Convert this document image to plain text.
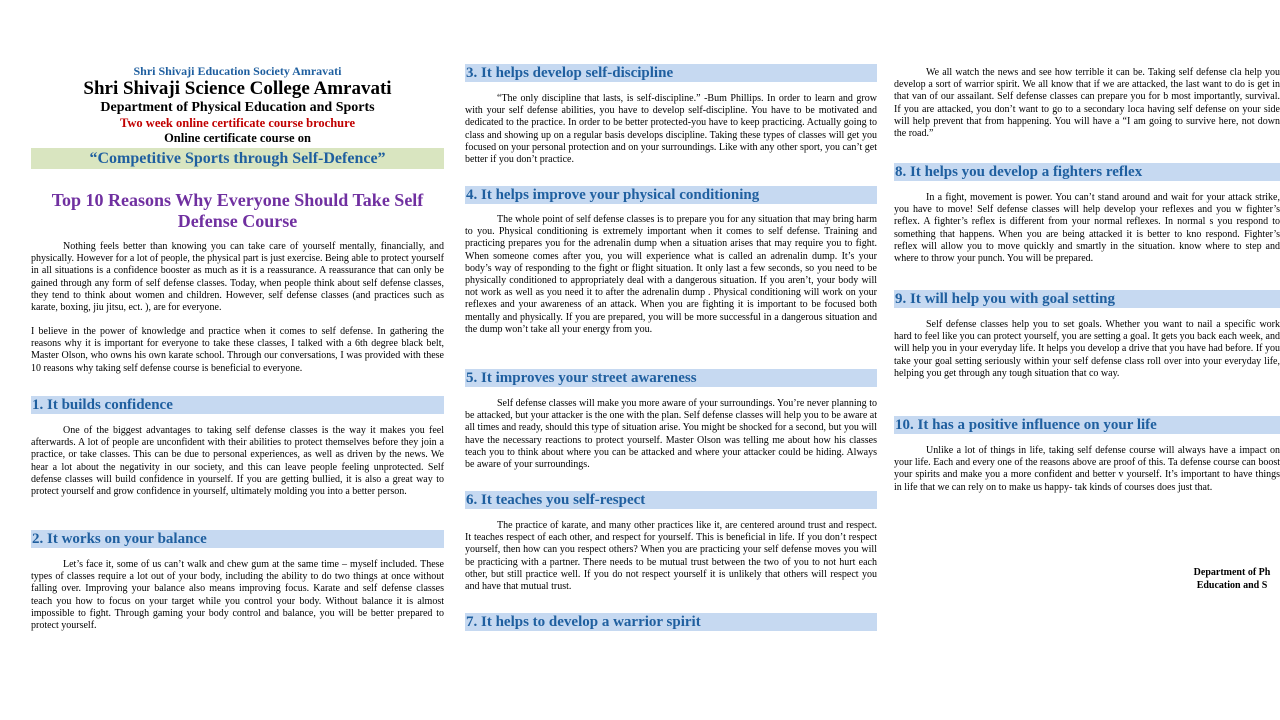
Shri Shivaji Education Society Amravati
Shri Shivaji Science College Amravati
Department of Physical Education and Sports
Two week online certificate course brochure
Online certificate course on
“Competitive Sports through Self-Defence”
Top 10 Reasons Why Everyone Should Take Self Defense Course

Nothing feels better than knowing you can take care of yourself mentally, financially, and physically. However for a lot of people, the physical part is just exercise. Being able to protect yourself in all situations is a confidence booster as much as it is a reassurance. A reassurance that can only be gained through any form of self defense classes. Today, when people think about self defense classes, they tend to think about women and children. However, self defense classes (and practices such as karate, boxing, jiu jitsu, ect. ), are for everyone.

I believe in the power of knowledge and practice when it comes to self defense. In gathering the reasons why it is important for everyone to take these classes, I talked with a 6th degree black belt, Master Olson, who owns his own karate school. Through our conversations, I was provided with these 10 reasons why taking self defense course is beneficial to everyone.

1. It builds confidence

One of the biggest advantages to taking self defense classes is the way it makes you feel afterwards. A lot of people are unconfident with their abilities to protect themselves before they join a practice, or take classes. This can be due to personal experiences, as well as driven by the news. We hear a lot about the negativity in our society, and this can leave people feeling unprotected. Self defense classes will build confidence in yourself. If you are getting bullied, it is also a great way to protect yourself and grow confidence in yourself, ultimately molding you into a better person.

2. It works on your balance

Let’s face it, some of us can’t walk and chew gum at the same time – myself included. These types of classes require a lot out of your body, including the ability to do two things at once without falling over. Improving your balance also means improving focus. Karate and self defense classes teach you how to focus on your target while you control your body. Without balance it is almost impossible to fight. Through gaming your body control and balance, you will be better prepared to protect yourself.

3. It helps develop self-discipline

“The only discipline that lasts, is self-discipline.” -Bum Phillips. In order to learn and grow with your self defense abilities, you have to develop self-discipline. You have to be motivated and dedicated to the practice. In order to be better protected-you have to keep practicing. Actually going to class and showing up on a regular basis develops discipline. Taking these types of classes will get you focused on your personal protection and on your surroundings. Like with any other sport, you can’t get better if you don’t practice.

4. It helps improve your physical conditioning

The whole point of self defense classes is to prepare you for any situation that may bring harm to you. Physical conditioning is extremely important when it comes to self defense. Training and practicing prepares you for the adrenalin dump when a situation arises that may require you to fight. When someone comes after you, you will experience what is called an adrenalin dump. It’s your body’s way of responding to the fight or flight situation. It only last a few seconds, so you need to be physically conditioned to appropriately deal with a dangerous situation. If you aren’t, your body will not work as well as you need it to after the adrenalin dump . Physical conditioning will work on your reflexes and your awareness of an attack. When you are fighting it is important to be focused both mentally and physically. If you are prepared, you will be more successful in a dangerous situation and the dump won’t take all your energy from you.

5. It improves your street awareness

Self defense classes will make you more aware of your surroundings. You’re never planning to be attacked, but your attacker is the one with the plan. Self defense classes will help you to be aware at all times and ready, should this type of situation arise. You might be shocked for a second, but you will have the necessary reactions to protect yourself. Master Olson was telling me about how his classes teach you to think about where you can be attacked and where your attacker could be hiding. Always be aware of your surroundings.

6. It teaches you self-respect

The practice of karate, and many other practices like it, are centered around trust and respect. It teaches respect of each other, and respect for yourself. This is beneficial in life. If you don’t respect yourself, then how can you respect others? When you are practicing your self defense moves you will be practicing with a partner. There needs to be mutual trust between the two of you to not hurt each other, but still practice well. If you do not respect yourself it is unlikely that others will respect you and have that mutual trust.

7. It helps to develop a warrior spirit

We all watch the news and see how terrible it can be. Taking self defense cla help you develop a sort of warrior spirit. We all know that if we are attacked, the last want to do is get in that van of our assailant. Self defense classes can prepare you for b most importantly, survival. If you are attacked, you don’t want to go to a secondary loca having self defense on your side will help prevent that from happening. You will have a “I am going to survive here, not down the road.”

8. It helps you develop a fighters reflex

In a fight, movement is power. You can’t stand around and wait for your attack strike, you have to move! Self defense classes will help develop your reflexes and you w fighter’s reflex. A fighter’s reflex is different from your normal reflexes. In normal s you respond to something that happens. When you are being attacked it is better to kno respond. Fighter’s reflex will allow you to move quickly and smartly in the situation. know where to step and where to throw your punch. You will be prepared.

9. It will help you with goal setting

Self defense classes help you to set goals. Whether you want to nail a specific work hard to feel like you can protect yourself, you are setting a goal. It gets you back each week, and will help you in your everyday life. It helps you develop a drive that you have had before. If you take your goal setting seriously within your self defense class roll over into your everyday life, helping you get through any tough situation that co way.

10. It has a positive influence on your life

Unlike a lot of things in life, taking self defense course will always have a impact on your life. Each and every one of the reasons above are proof of this. Ta defense course can boost your spirits and make you a more confident and better v yourself. It’s important to have things in life that we can rely on to make us happy- tak kinds of courses does just that.

Department of Ph
Education and S
